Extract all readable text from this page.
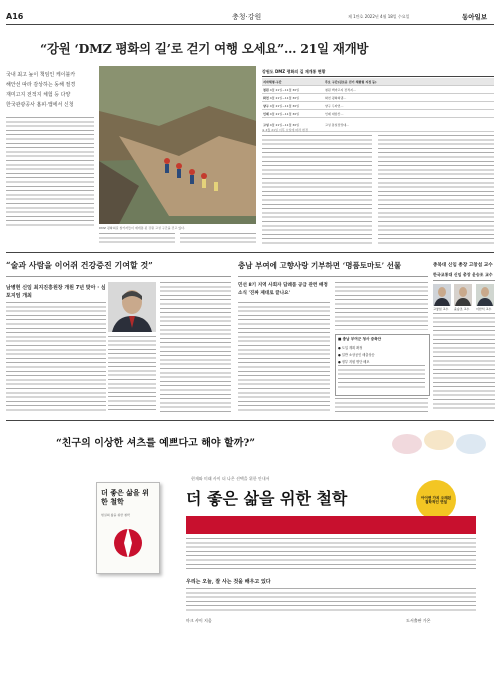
A16	충청·강원	제 1만호 2022년 4월 18일 수요일	동아일보
“강원 ‘DMZ 평화의 길’로 걷기 여행 오세요”… 21일 재개방
국내 최고 높이 책임인 케이블카
해안선 따라 감상하는 동해 절경
재미고지 전적지 체험 등 다양
한국관광공사 홈피·앱에서 신청
DMZ 평화의길 참가자들이 재개통 된 강원 고성 구간을 걷고 있다.
강원도 DMZ 평화의 길 재개통 현황
지자체명·구간	주요 구간(길로운 걷기 체험형 지정 등)
철원 4월 21일~11월 30일	철원 백마고지 전적지…
화천 4월 21일~11월 30일	화천 평화의댐…
양구 4월 21일~11월 30일	양구 두타연…
인제 4월 21일~11월 30일	인제 대암산…
고성 4월 21일~11월 30일	고성 통일전망대…
※ 4월 21일 이후 요일에 따라 변경
“술과 사람을 이어쥐 건강증진 기여할 것”
남병현 신임 최지진흥원장 개원 7년 맞아 · 심포지엄 개최
충남 부여에 고향사랑 기부하면 ‘명품토마토’ 선물
민선 8기 지역 사회자 답례품 공급 관련 배정 소식 '진짜 제대로 끝나요'
■ 충남 부여군 청사 증축안
● 도입 계획 확정
● 일반 소상공인 매출상승
● 정부 지원 명단 배포
충북대 신임 총장 고창섭 교수
한국교통대 신임 총장 윤승조 교수
고창섭 교수 윤승조 교수 이한석 교수
“친구의 이상한 셔츠를 예쁘다고 해야 할까?”
더 좋은 삶을 위한 철학
현실의 삶을 위한 철학
현재와 미래 사이 더 나은 선택을 위한 안내서
더 좋은 삶을 위한 철학	아이앤 가치 오래된 철학적인 연설
우리는 오늘, 잘 사는 것을 배우고 있다
마크 샤이 지음	도서출판 가온
